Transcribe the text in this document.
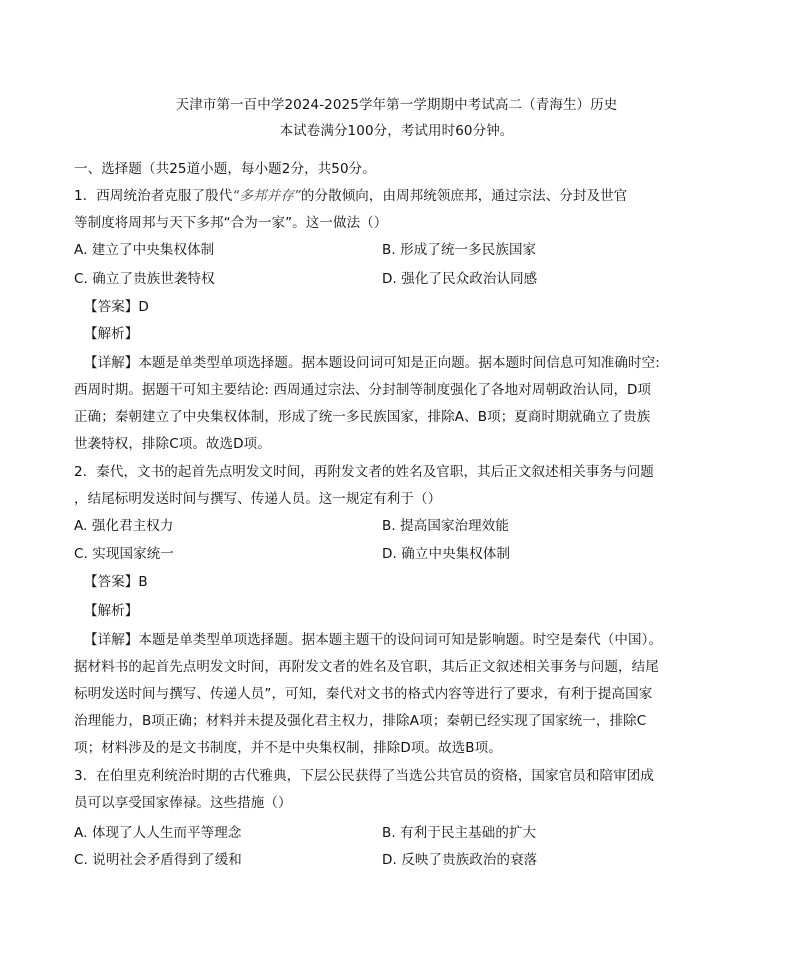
天津市第一百中学2024-2025学年第一学期期中考试高二（青海生）历史
本试卷满分100分，考试用时60分钟。
一、选择题（共25道小题，每小题2分，共50分。
1．西周统治者克服了殷代“多邦并存”的分散倾向，由周邦统领庶邦，通过宗法、分封及世官
等制度将周邦与天下多邦“合为一家”。这一做法（）
A. 建立了中央集权体制	B. 形成了统一多民族国家
C. 确立了贵族世袭特权	D. 强化了民众政治认同感
【答案】D
【解析】
【详解】本题是单类型单项选择题。据本题设问词可知是正向题。据本题时间信息可知准确时空:
西周时期。据题干可知主要结论: 西周通过宗法、分封制等制度强化了各地对周朝政治认同，D项
正确；秦朝建立了中央集权体制，形成了统一多民族国家，排除A、B项；夏商时期就确立了贵族
世袭特权，排除C项。故选D项。
2．秦代，文书的起首先点明发文时间，再附发文者的姓名及官职，其后正文叙述相关事务与问题
，结尾标明发送时间与撰写、传递人员。这一规定有利于（）
A. 强化君主权力	B. 提高国家治理效能
C. 实现国家统一	D. 确立中央集权体制
【答案】B
【解析】
【详解】本题是单类型单项选择题。据本题主题干的设问词可知是影响题。时空是秦代（中国）。
据材料书的起首先点明发文时间，再附发文者的姓名及官职，其后正文叙述相关事务与问题，结尾
标明发送时间与撰写、传递人员”，可知，秦代对文书的格式内容等进行了要求，有利于提高国家
治理能力，B项正确；材料并未提及强化君主权力，排除A项；秦朝已经实现了国家统一，排除C
项；材料涉及的是文书制度，并不是中央集权制，排除D项。故选B项。
3．在伯里克利统治时期的古代雅典，下层公民获得了当选公共官员的资格，国家官员和陪审团成
员可以享受国家俸禄。这些措施（）
A. 体现了人人生而平等理念	B. 有利于民主基础的扩大
C. 说明社会矛盾得到了缓和	D. 反映了贵族政治的衰落
